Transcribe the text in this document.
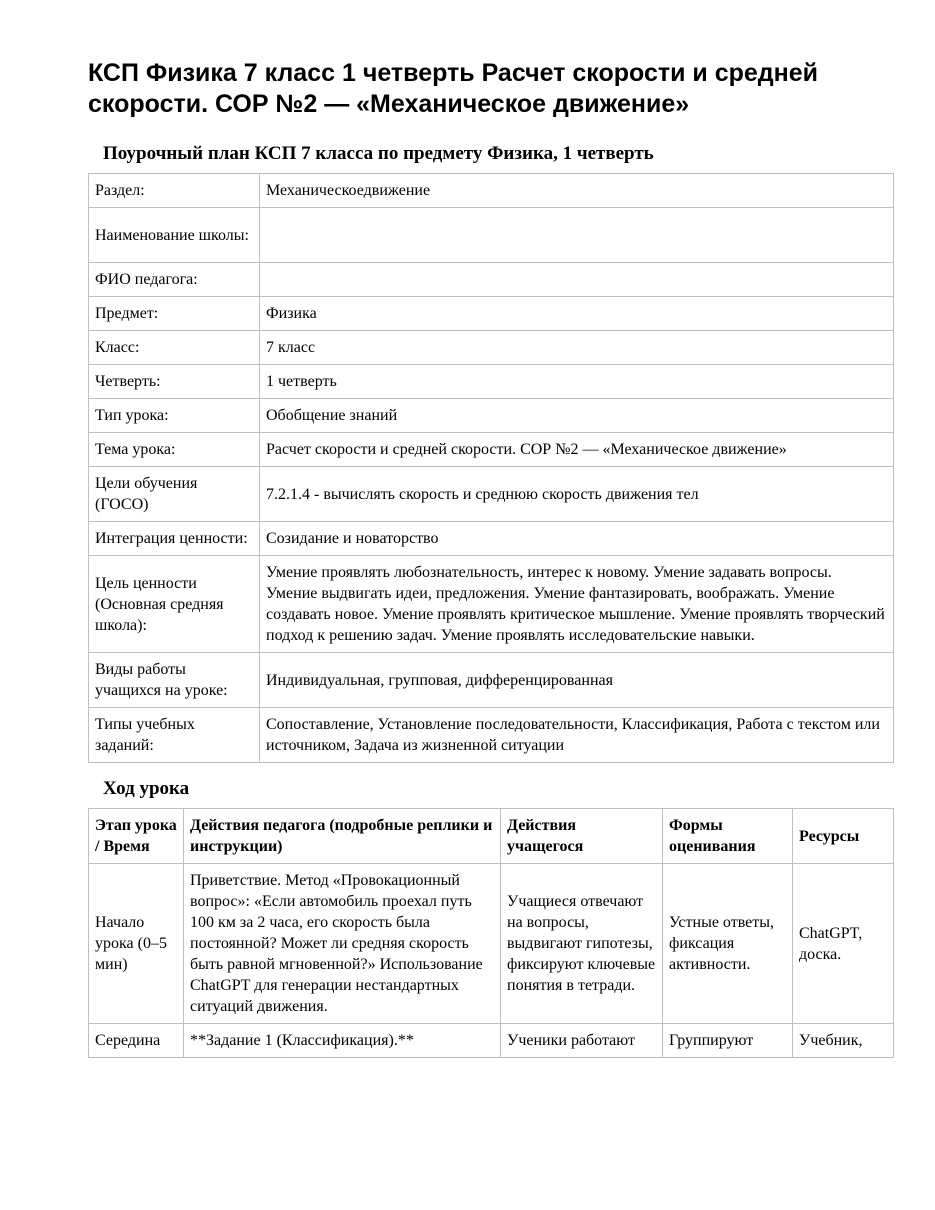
КСП Физика 7 класс 1 четверть Расчет скорости и средней скорости. СОР №2 — «Механическое движение»
Поурочный план КСП 7 класса по предмету Физика, 1 четверть
Раздел:	Механическоедвижение
Наименование школы:	
ФИО педагога:	
Предмет:	Физика
Класс:	7 класс
Четверть:	1 четверть
Тип урока:	Обобщение знаний
Тема урока:	Расчет скорости и средней скорости. СОР №2 — «Механическое движение»
Цели обучения (ГОСО)	7.2.1.4 - вычислять скорость и среднюю скорость движения тел
Интеграция ценности:	Созидание и новаторство
Цель ценности (Основная средняя школа):	Умение проявлять любознательность, интерес к новому. Умение задавать вопросы. Умение выдвигать идеи, предложения. Умение фантазировать, воображать. Умение создавать новое. Умение проявлять критическое мышление. Умение проявлять творческий подход к решению задач. Умение проявлять исследовательские навыки.
Виды работы учащихся на уроке:	Индивидуальная, групповая, дифференцированная
Типы учебных заданий:	Сопоставление, Установление последовательности, Классификация, Работа с текстом или источником, Задача из жизненной ситуации
Ход урока
Этап урока / Время	Действия педагога (подробные реплики и инструкции)	Действия учащегося	Формы оценивания	Ресурсы
Начало урока (0–5 мин)	Приветствие. Метод «Провокационный вопрос»: «Если автомобиль проехал путь 100 км за 2 часа, его скорость была постоянной? Может ли средняя скорость быть равной мгновенной?» Использование ChatGPT для генерации нестандартных ситуаций движения.	Учащиеся отвечают на вопросы, выдвигают гипотезы, фиксируют ключевые понятия в тетради.	Устные ответы, фиксация активности.	ChatGPT, доска.
Середина	**Задание 1 (Классификация).**	Ученики работают	Группируют	Учебник,
